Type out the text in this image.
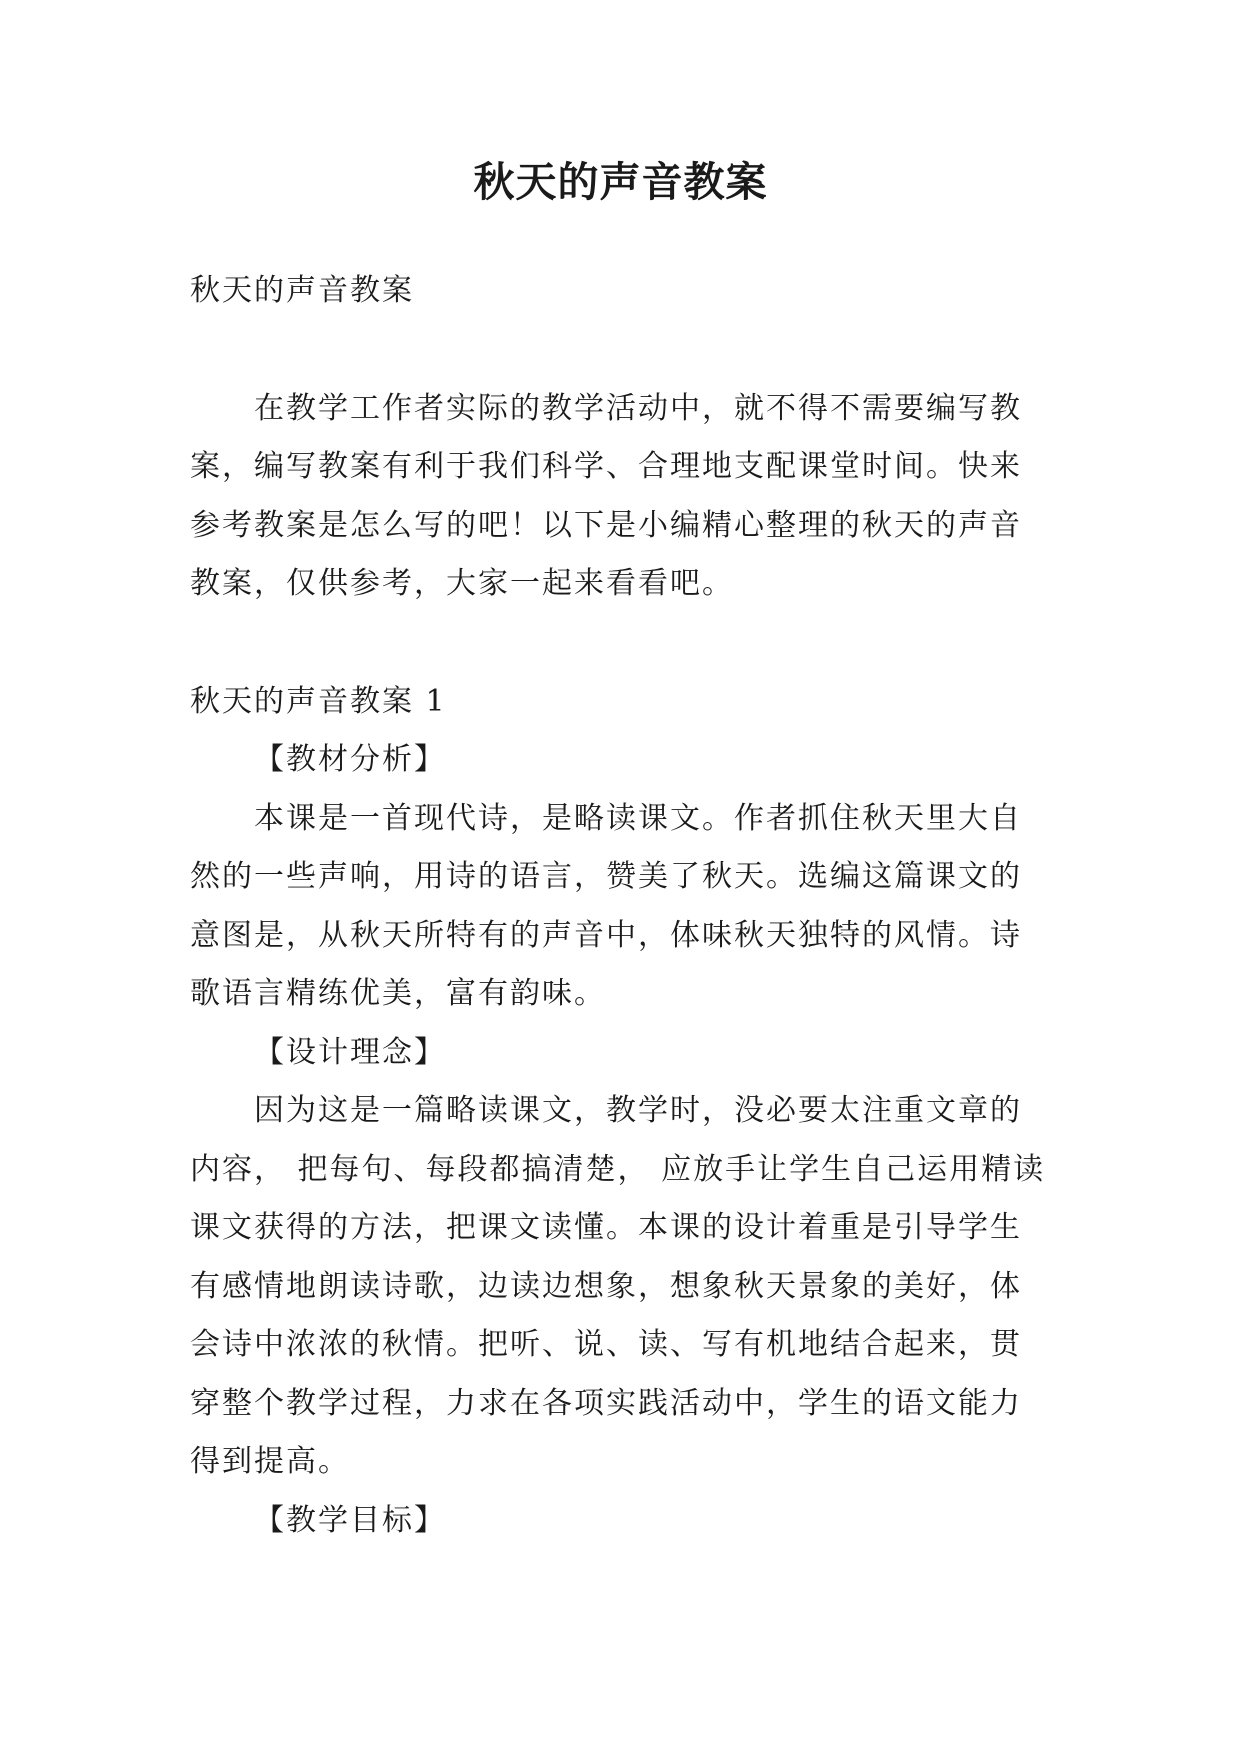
秋天的声音教案

秋天的声音教案

在教学工作者实际的教学活动中，就不得不需要编写教案，编写教案有利于我们科学、合理地支配课堂时间。快来参考教案是怎么写的吧！以下是小编精心整理的秋天的声音教案，仅供参考，大家一起来看看吧。

秋天的声音教案 1

【教材分析】

本课是一首现代诗，是略读课文。作者抓住秋天里大自然的一些声响，用诗的语言，赞美了秋天。选编这篇课文的意图是，从秋天所特有的声音中，体味秋天独特的风情。诗歌语言精练优美，富有韵味。

【设计理念】

因为这是一篇略读课文，教学时，没必要太注重文章的内容， 把每句、每段都搞清楚， 应放手让学生自己运用精读课文获得的方法，把课文读懂。本课的设计着重是引导学生有感情地朗读诗歌，边读边想象，想象秋天景象的美好，体会诗中浓浓的秋情。把听、说、读、写有机地结合起来，贯穿整个教学过程，力求在各项实践活动中，学生的语文能力得到提高。

【教学目标】
